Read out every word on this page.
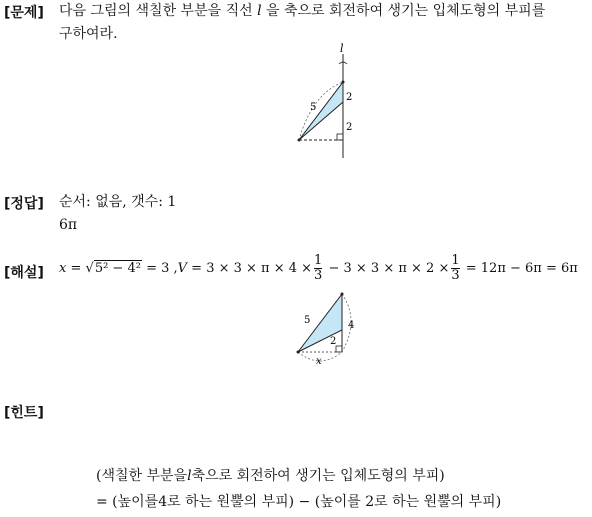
[문제] 다음 그림의 색칠한 부분을 직선 l 을 축으로 회전하여 생기는 입체도형의 부피를
구하여라.
l
5
2
2
[정답] 순서: 없음, 갯수: 1
6π
[해설] x = √5² − 4² = 3 $,V = 3 \times 3 \times \pi \times 4 \times \frac{1}{3} - 3 \times 3 \times \pi \times 2 \times \frac{1}{3} = 12\pi - 6\pi = 6\pi$
5	4
2
x
[힌트]
(색칠한 부분을l축으로 회전하여 생기는 입체도형의 부피)
= (높이를4로 하는 원뿔의 부피) − (높이를 2로 하는 원뿔의 부피)
